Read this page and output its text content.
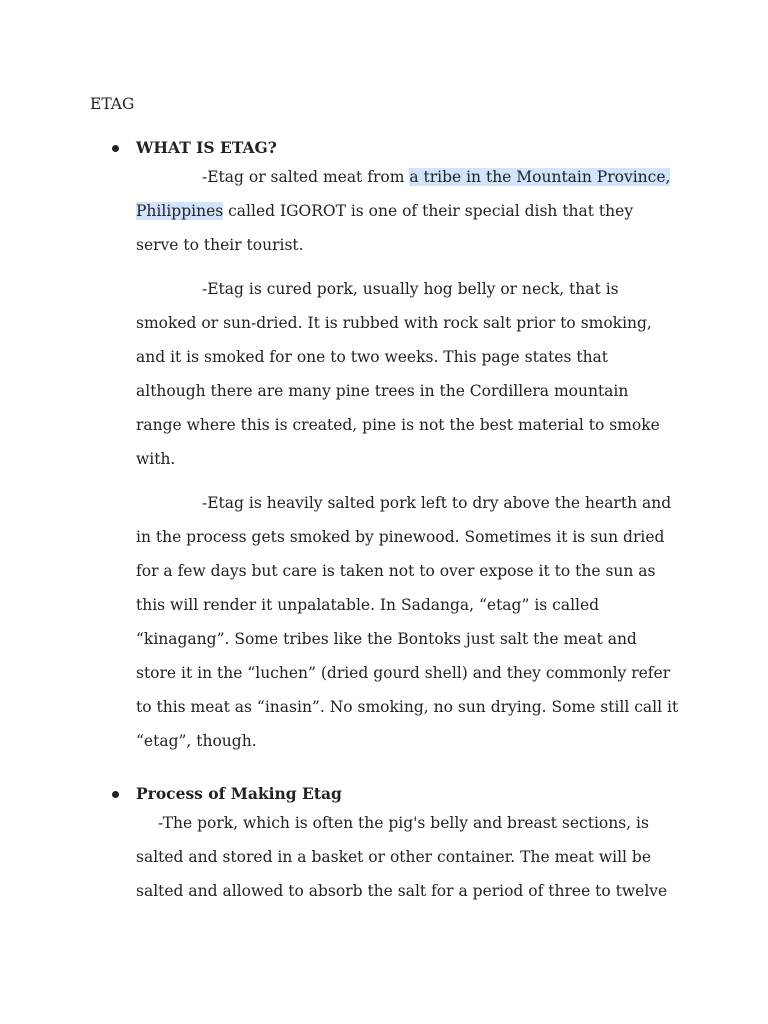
ETAG
WHAT IS ETAG?
-Etag or salted meat from a tribe in the Mountain Province,
Philippines called IGOROT is one of their special dish that they
serve to their tourist.
-Etag is cured pork, usually hog belly or neck, that is
smoked or sun-dried. It is rubbed with rock salt prior to smoking,
and it is smoked for one to two weeks. This page states that
although there are many pine trees in the Cordillera mountain
range where this is created, pine is not the best material to smoke
with.
-Etag is heavily salted pork left to dry above the hearth and
in the process gets smoked by pinewood. Sometimes it is sun dried
for a few days but care is taken not to over expose it to the sun as
this will render it unpalatable. In Sadanga, “etag” is called
“kinagang”. Some tribes like the Bontoks just salt the meat and
store it in the “luchen” (dried gourd shell) and they commonly refer
to this meat as “inasin”. No smoking, no sun drying. Some still call it
“etag”, though.
Process of Making Etag
-The pork, which is often the pig's belly and breast sections, is
salted and stored in a basket or other container. The meat will be
salted and allowed to absorb the salt for a period of three to twelve
